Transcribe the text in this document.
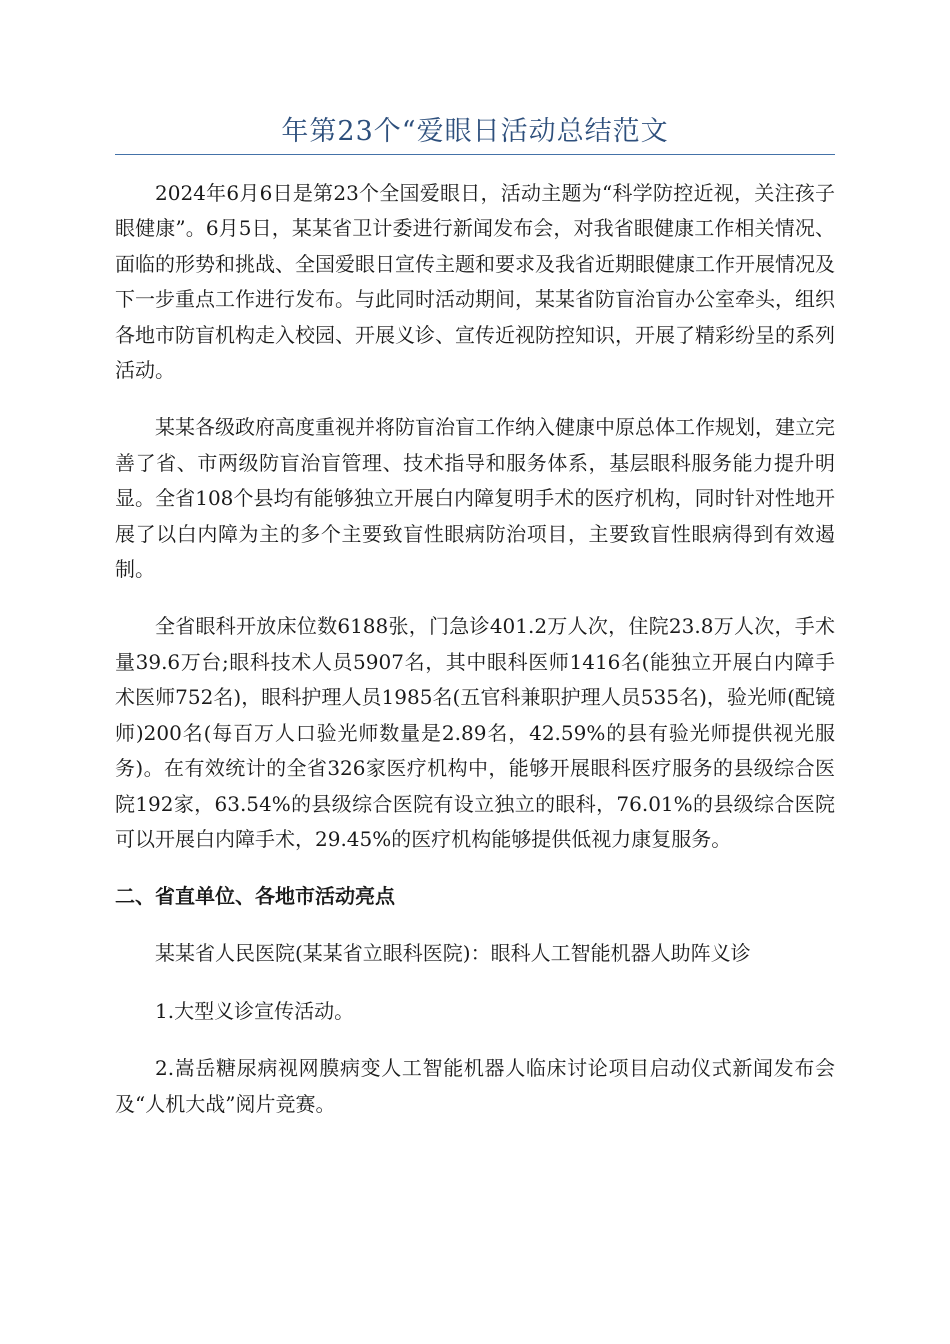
年第23个“爱眼日活动总结范文

2024年6月6日是第23个全国爱眼日，活动主题为“科学防控近视，关注孩子眼健康”。6月5日，某某省卫计委进行新闻发布会，对我省眼健康工作相关情况、面临的形势和挑战、全国爱眼日宣传主题和要求及我省近期眼健康工作开展情况及下一步重点工作进行发布。与此同时活动期间，某某省防盲治盲办公室牵头，组织各地市防盲机构走入校园、开展义诊、宣传近视防控知识，开展了精彩纷呈的系列活动。

某某各级政府高度重视并将防盲治盲工作纳入健康中原总体工作规划，建立完善了省、市两级防盲治盲管理、技术指导和服务体系，基层眼科服务能力提升明显。全省108个县均有能够独立开展白内障复明手术的医疗机构，同时针对性地开展了以白内障为主的多个主要致盲性眼病防治项目，主要致盲性眼病得到有效遏制。

全省眼科开放床位数6188张，门急诊401.2万人次，住院23.8万人次，手术量39.6万台;眼科技术人员5907名，其中眼科医师1416名(能独立开展白内障手术医师752名)，眼科护理人员1985名(五官科兼职护理人员535名)，验光师(配镜师)200名(每百万人口验光师数量是2.89名，42.59%的县有验光师提供视光服务)。在有效统计的全省326家医疗机构中，能够开展眼科医疗服务的县级综合医院192家，63.54%的县级综合医院有设立独立的眼科，76.01%的县级综合医院可以开展白内障手术，29.45%的医疗机构能够提供低视力康复服务。

二、省直单位、各地市活动亮点

某某省人民医院(某某省立眼科医院)：眼科人工智能机器人助阵义诊

1.大型义诊宣传活动。

2.嵩岳糖尿病视网膜病变人工智能机器人临床讨论项目启动仪式新闻发布会及“人机大战”阅片竞赛。
